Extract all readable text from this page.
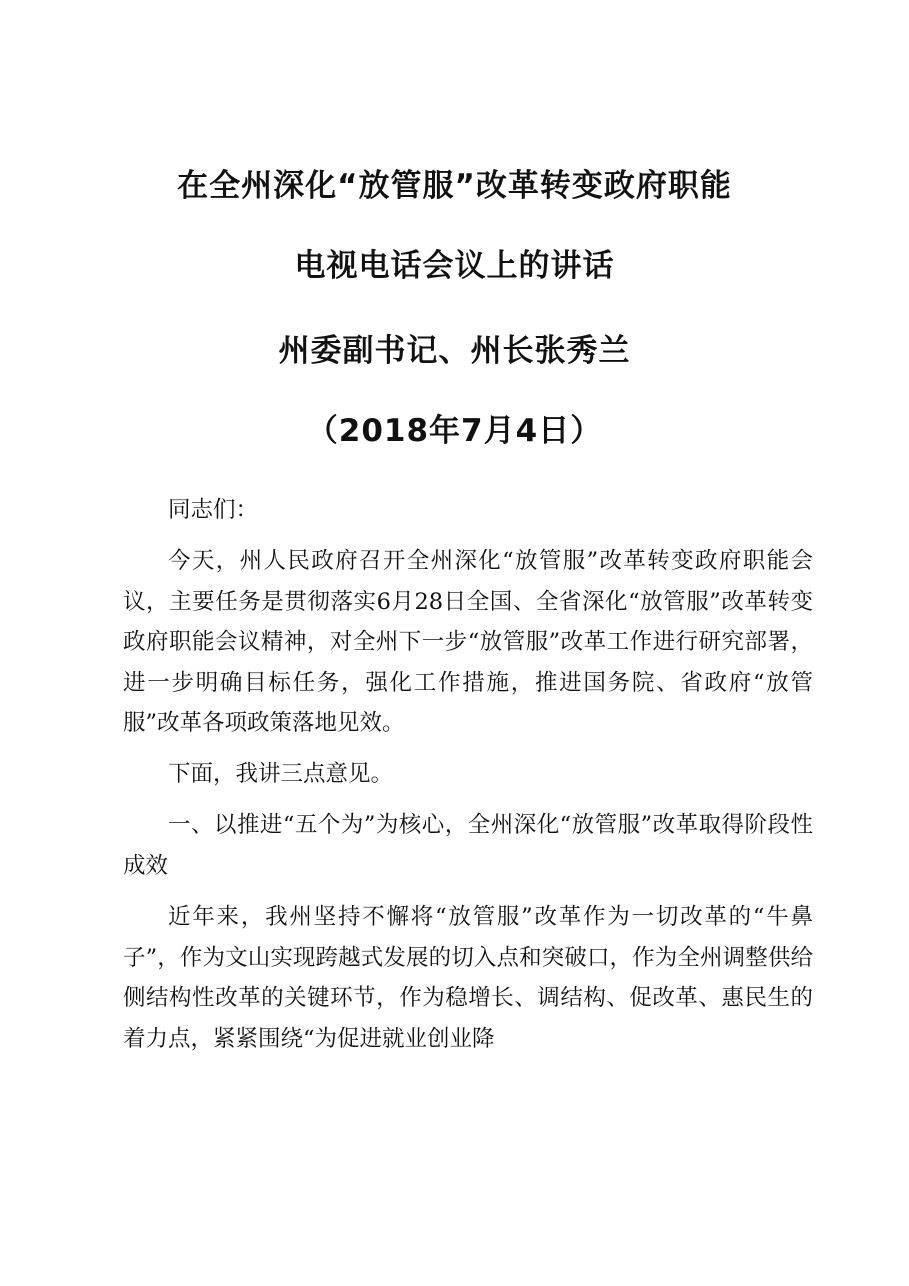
在全州深化“放管服”改革转变政府职能
电视电话会议上的讲话
州委副书记、州长张秀兰
（2018年7月4日）

同志们：

今天，州人民政府召开全州深化“放管服”改革转变政府职能会议，主要任务是贯彻落实6月28日全国、全省深化“放管服”改革转变政府职能会议精神，对全州下一步“放管服”改革工作进行研究部署，进一步明确目标任务，强化工作措施，推进国务院、省政府“放管服”改革各项政策落地见效。

下面，我讲三点意见。

一、以推进“五个为”为核心，全州深化“放管服”改革取得阶段性成效

近年来，我州坚持不懈将“放管服”改革作为一切改革的“牛鼻子”，作为文山实现跨越式发展的切入点和突破口，作为全州调整供给侧结构性改革的关键环节，作为稳增长、调结构、促改革、惠民生的着力点，紧紧围绕“为促进就业创业降
